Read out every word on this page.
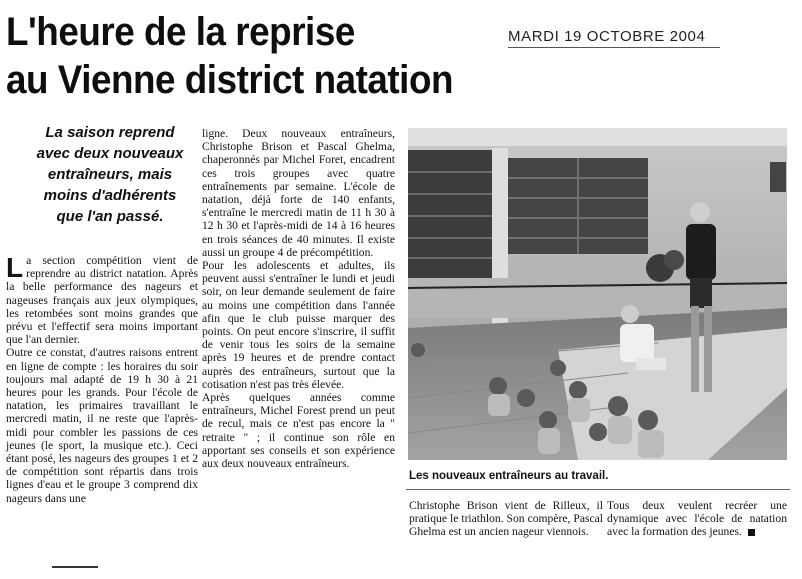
L'heure de la reprise
au Vienne district natation
MARDI 19 OCTOBRE 2004
La saison reprend
avec deux nouveaux
entraîneurs, mais
moins d'adhérents
que l'an passé.

La section compétition vient de reprendre au district natation. Après la belle performance des nageurs et nageuses français aux jeux olympiques, les retombées sont moins grandes que prévu et l'effectif sera moins important que l'an dernier.

Outre ce constat, d'autres raisons entrent en ligne de compte : les horaires du soir toujours mal adapté de 19 h 30 à 21 heures pour les grands. Pour l'école de natation, les primaires travaillant le mercredi matin, il ne reste que l'après-midi pour combler les passions de ces jeunes (le sport, la musique etc.). Ceci étant posé, les nageurs des groupes 1 et 2 de compétition sont répartis dans trois lignes d'eau et le groupe 3 comprend dix nageurs dans une

ligne. Deux nouveaux entraîneurs, Christophe Brison et Pascal Ghelma, chaperonnés par Michel Foret, encadrent ces trois groupes avec quatre entraînements par semaine. L'école de natation, déjà forte de 140 enfants, s'entraîne le mercredi matin de 11 h 30 à 12 h 30 et l'après-midi de 14 à 16 heures en trois séances de 40 minutes. Il existe aussi un groupe 4 de précompétition.

Pour les adolescents et adultes, ils peuvent aussi s'entraîner le lundi et jeudi soir, on leur demande seulement de faire au moins une compétition dans l'année afin que le club puisse marquer des points. On peut encore s'inscrire, il suffit de venir tous les soirs de la semaine après 19 heures et de prendre contact auprès des entraîneurs, surtout que la cotisation n'est pas très élevée.

Après quelques années comme entraîneurs, Michel Forest prend un peut de recul, mais ce n'est pas encore la " retraite " ; il continue son rôle en apportant ses conseils et son expérience aux deux nouveaux entraîneurs.

Les nouveaux entraîneurs au travail.

Christophe Brison vient de Rilleux, il pratique le triathlon. Son compère, Pascal Ghelma est un ancien nageur viennois.

Tous deux veulent recréer une dynamique avec l'école de natation avec la formation des jeunes.
